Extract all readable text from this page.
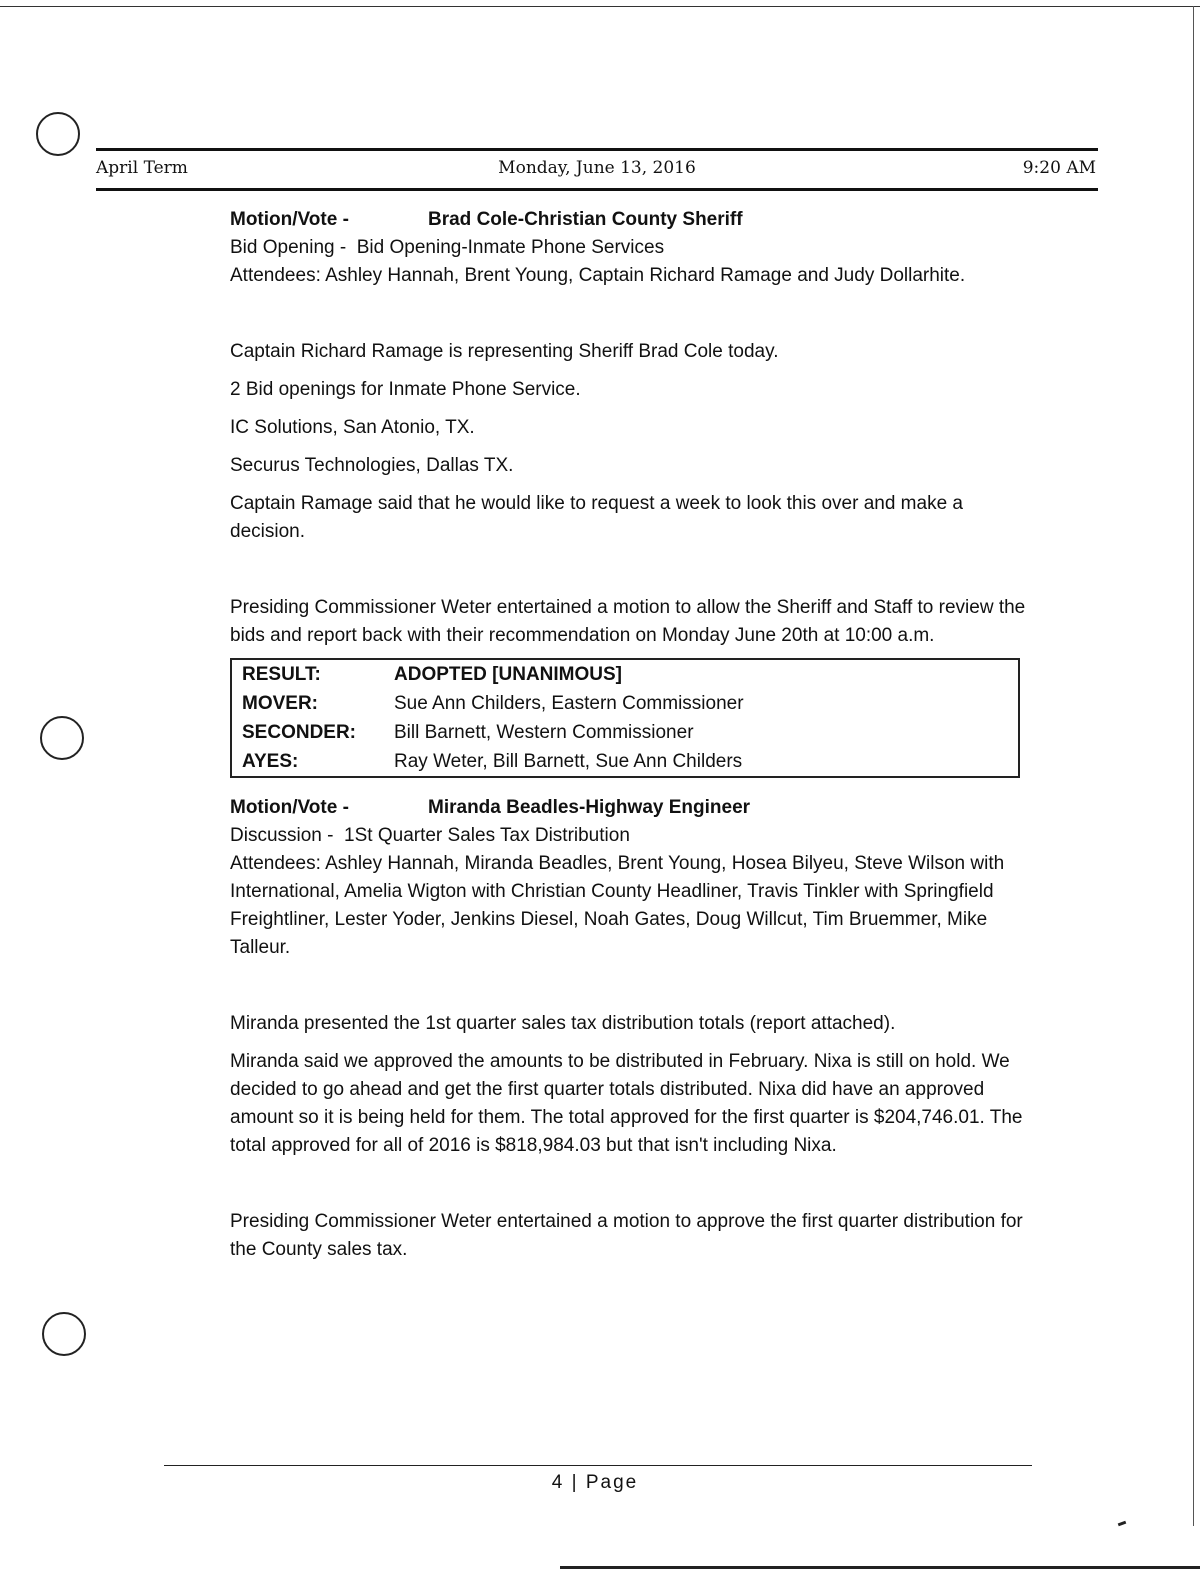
April Term	Monday, June 13, 2016	9:20 AM

Motion/Vote -	Brad Cole-Christian County Sheriff

Bid Opening - Bid Opening-Inmate Phone Services

Attendees: Ashley Hannah, Brent Young, Captain Richard Ramage and Judy Dollarhite.

Captain Richard Ramage is representing Sheriff Brad Cole today.

2 Bid openings for Inmate Phone Service.

IC Solutions, San Atonio, TX.

Securus Technologies, Dallas TX.

Captain Ramage said that he would like to request a week to look this over and make a decision.

Presiding Commissioner Weter entertained a motion to allow the Sheriff and Staff to review the bids and report back with their recommendation on Monday June 20th at 10:00 a.m.

RESULT:	ADOPTED [UNANIMOUS]
MOVER:	Sue Ann Childers, Eastern Commissioner
SECONDER:	Bill Barnett, Western Commissioner
AYES:	Ray Weter, Bill Barnett, Sue Ann Childers

Motion/Vote -	Miranda Beadles-Highway Engineer

Discussion - 1St Quarter Sales Tax Distribution

Attendees: Ashley Hannah, Miranda Beadles, Brent Young, Hosea Bilyeu, Steve Wilson with International, Amelia Wigton with Christian County Headliner, Travis Tinkler with Springfield Freightliner, Lester Yoder, Jenkins Diesel, Noah Gates, Doug Willcut, Tim Bruemmer, Mike Talleur.

Miranda presented the 1st quarter sales tax distribution totals (report attached).

Miranda said we approved the amounts to be distributed in February. Nixa is still on hold. We decided to go ahead and get the first quarter totals distributed. Nixa did have an approved amount so it is being held for them. The total approved for the first quarter is $204,746.01. The total approved for all of 2016 is $818,984.03 but that isn't including Nixa.

Presiding Commissioner Weter entertained a motion to approve the first quarter distribution for the County sales tax.

4 | Page
